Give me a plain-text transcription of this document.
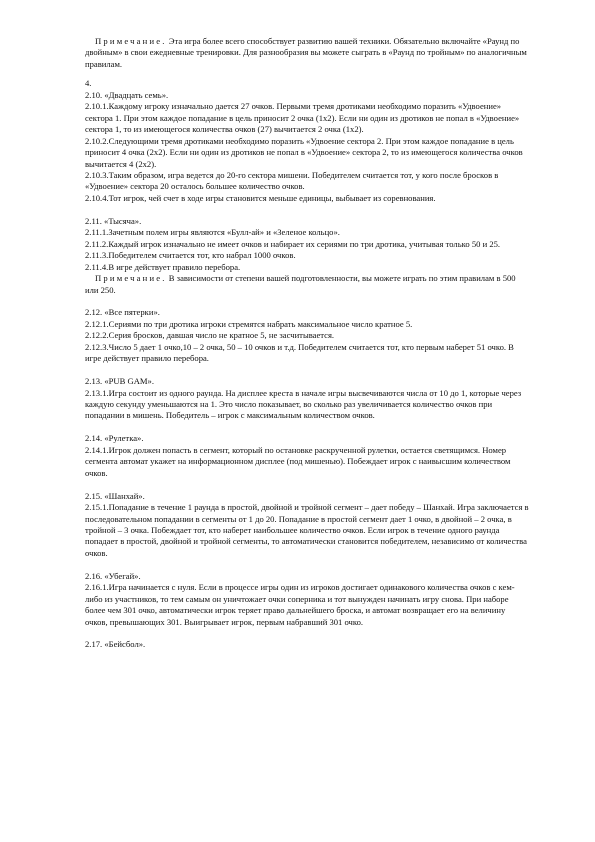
Примечание. Эта игра более всего способствует развитию вашей техники. Обязательно включайте «Раунд по двойным» в свои ежедневные тренировки. Для разнообразия вы можете сыграть в «Раунд по тройным» по аналогичным правилам.

4.

2.10. «Двадцать семь».

2.10.1.Каждому игроку изначально дается 27 очков. Первыми тремя дротиками необходимо поразить «Удвоение» сектора 1. При этом каждое попадание в цель приносит 2 очка (1x2). Если ни один из дротиков не попал в «Удвоение» сектора 1, то из имеющегося количества очков (27) вычитается 2 очка (1x2).

2.10.2.Следующими тремя дротиками необходимо поразить «Удвоение сектора 2. При этом каждое попадание в цель приносит 4 очка (2x2). Если ни один из дротиков не попал в «Удвоение» сектора 2, то из имеющегося количества очков вычитается 4 (2x2).

2.10.3.Таким образом, игра ведется до 20-го сектора мишени. Победителем считается тот, у кого после бросков в «Удвоение» сектора 20 осталось большее количество очков.

2.10.4.Тот игрок, чей счет в ходе игры становится меньше единицы, выбывает из соревнования.

2.11. «Тысяча».

2.11.1.Зачетным полем игры являются «Булл-ай» и «Зеленое кольцо».

2.11.2.Каждый игрок изначально не имеет очков и набирает их сериями по три дротика, учитывая только 50 и 25.

2.11.3.Победителем считается тот, кто набрал 1000 очков.

2.11.4.В игре действует правило перебора.

Примечание. В зависимости от степени вашей подготовленности, вы можете играть по этим правилам в 500 или 250.

2.12. «Все пятерки».

2.12.1.Сериями по три дротика игроки стремятся набрать максимальное число кратное 5.

2.12.2.Серия бросков, давшая число не кратное 5, не засчитывается.

2.12.3.Число 5 дает 1 очко,10 – 2 очка, 50 – 10 очков и т.д. Победителем считается тот, кто первым наберет 51 очко. В игре действует правило перебора.

2.13. «PUB GAM».

2.13.1.Игра состоит из одного раунда. На дисплее креста в начале игры высвечиваются числа от 10 до 1, которые через каждую секунду уменьшаются на 1. Это число показывает, во сколько раз увеличивается количество очков при попадании в мишень. Победитель – игрок с максимальным количеством очков.

2.14. «Рулетка».

2.14.1.Игрок должен попасть в сегмент, который по остановке раскрученной рулетки, остается светящимся. Номер сегмента автомат укажет на информационном дисплее (под мишенью). Побеждает игрок с наивысшим количеством очков.

2.15. «Шанхай».

2.15.1.Попадание в течение 1 раунда в простой, двойной и тройной сегмент – дает победу – Шанхай. Игра заключается в последовательном попадании в сегменты от 1 до 20. Попадание в простой сегмент дает 1 очко, в двойной – 2 очка, в тройной – 3 очка. Побеждает тот, кто наберет наибольшее количество очков. Если игрок в течение одного раунда попадает в простой, двойной и тройной сегменты, то автоматически становится победителем, независимо от количества очков.

2.16. «Убегай».

2.16.1.Игра начинается с нуля. Если в процессе игры один из игроков достигает одинакового количества очков с кем-либо из участников, то тем самым он уничтожает очки соперника и тот вынужден начинать игру снова. При наборе более чем 301 очко, автоматически игрок теряет право дальнейшего броска, и автомат возвращает его на величину очков, превышающих 301. Выигрывает игрок, первым набравший 301 очко.

2.17. «Бейсбол».
